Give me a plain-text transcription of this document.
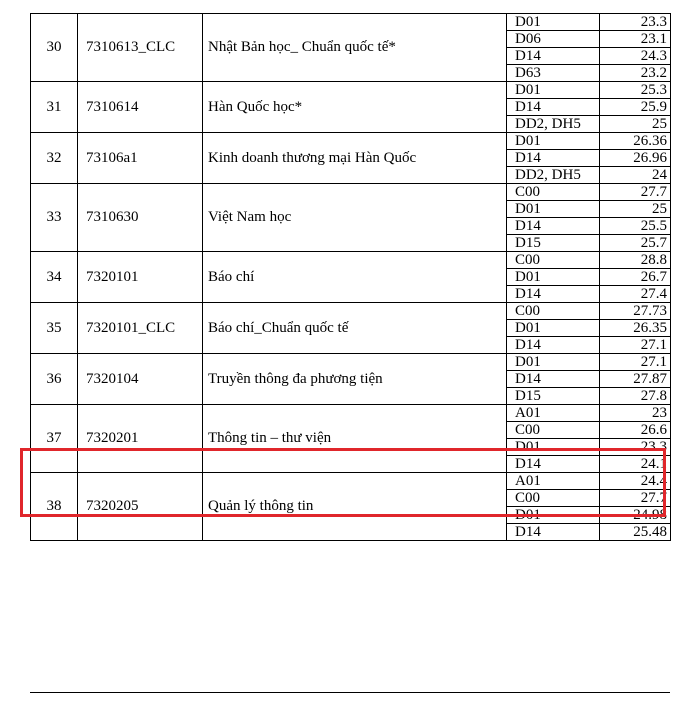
30	7310613_CLC	Nhật Bản học_ Chuẩn quốc tế*	D01	23.3
			D06	23.1
			D14	24.3
			D63	23.2
31	7310614	Hàn Quốc học*	D01	25.3
			D14	25.9
			DD2, DH5	25
32	73106a1	Kinh doanh thương mại Hàn Quốc	D01	26.36
			D14	26.96
			DD2, DH5	24
33	7310630	Việt Nam học	C00	27.7
			D01	25
			D14	25.5
			D15	25.7
34	7320101	Báo chí	C00	28.8
			D01	26.7
			D14	27.4
35	7320101_CLC	Báo chí_Chuẩn quốc tế	C00	27.73
			D01	26.35
			D14	27.1
36	7320104	Truyền thông đa phương tiện	D01	27.1
			D14	27.87
			D15	27.8
37	7320201	Thông tin – thư viện	A01	23
			C00	26.6
			D01	23.3
			D14	24.1
38	7320205	Quản lý thông tin	A01	24.4
			C00	27.7
			D01	24.98
			D14	25.48
